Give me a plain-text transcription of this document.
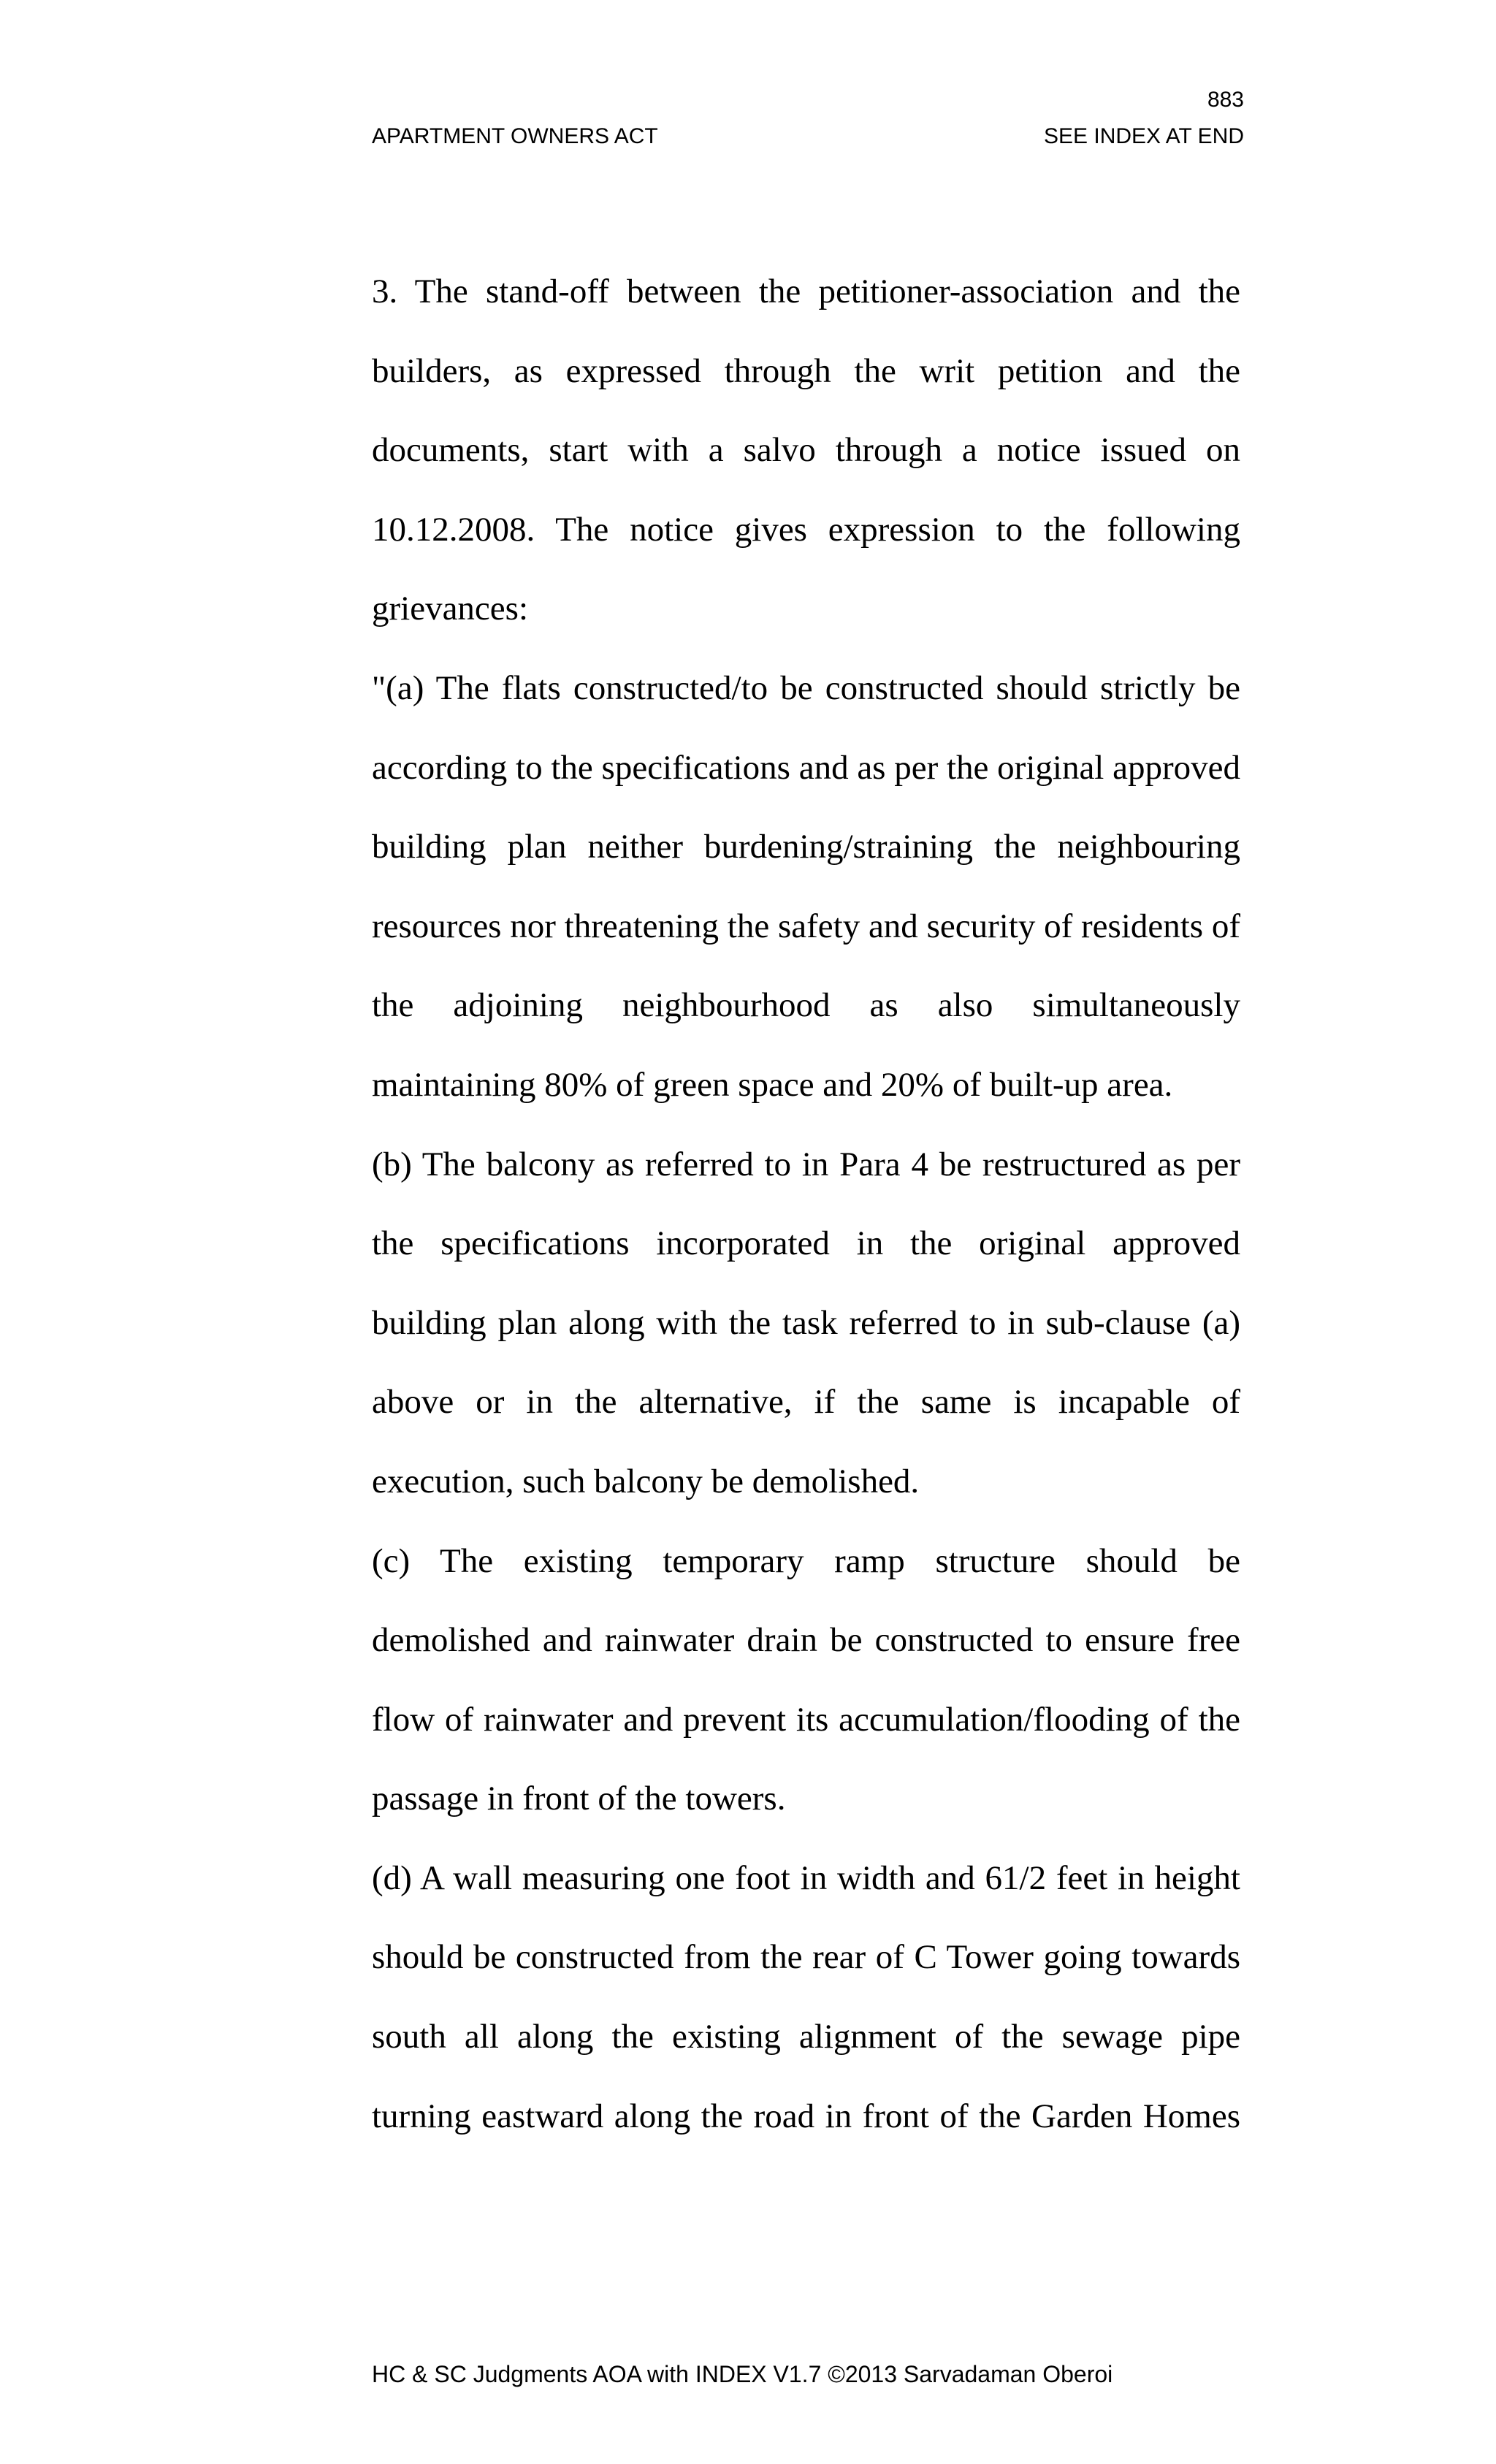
883
APARTMENT OWNERS ACT	SEE INDEX AT END

3. The stand-off between the petitioner-association and the builders, as expressed through the writ petition and the documents, start with a salvo through a notice issued on 10.12.2008. The notice gives expression to the following grievances:

"(a) The flats constructed/to be constructed should strictly be according to the specifications and as per the original approved building plan neither burdening/straining the neighbouring resources nor threatening the safety and security of residents of the adjoining neighbourhood as also simultaneously maintaining 80% of green space and 20% of built-up area.

(b) The balcony as referred to in Para 4 be restructured as per the specifications incorporated in the original approved building plan along with the task referred to in sub-clause (a) above or in the alternative, if the same is incapable of execution, such balcony be demolished.

(c) The existing temporary ramp structure should be demolished and rainwater drain be constructed to ensure free flow of rainwater and prevent its accumulation/flooding of the passage in front of the towers.

(d) A wall measuring one foot in width and 61/2 feet in height should be constructed from the rear of C Tower going towards south all along the existing alignment of the sewage pipe turning eastward along the road in front of the Garden Homes

HC & SC Judgments AOA with INDEX V1.7 ©2013 Sarvadaman Oberoi
